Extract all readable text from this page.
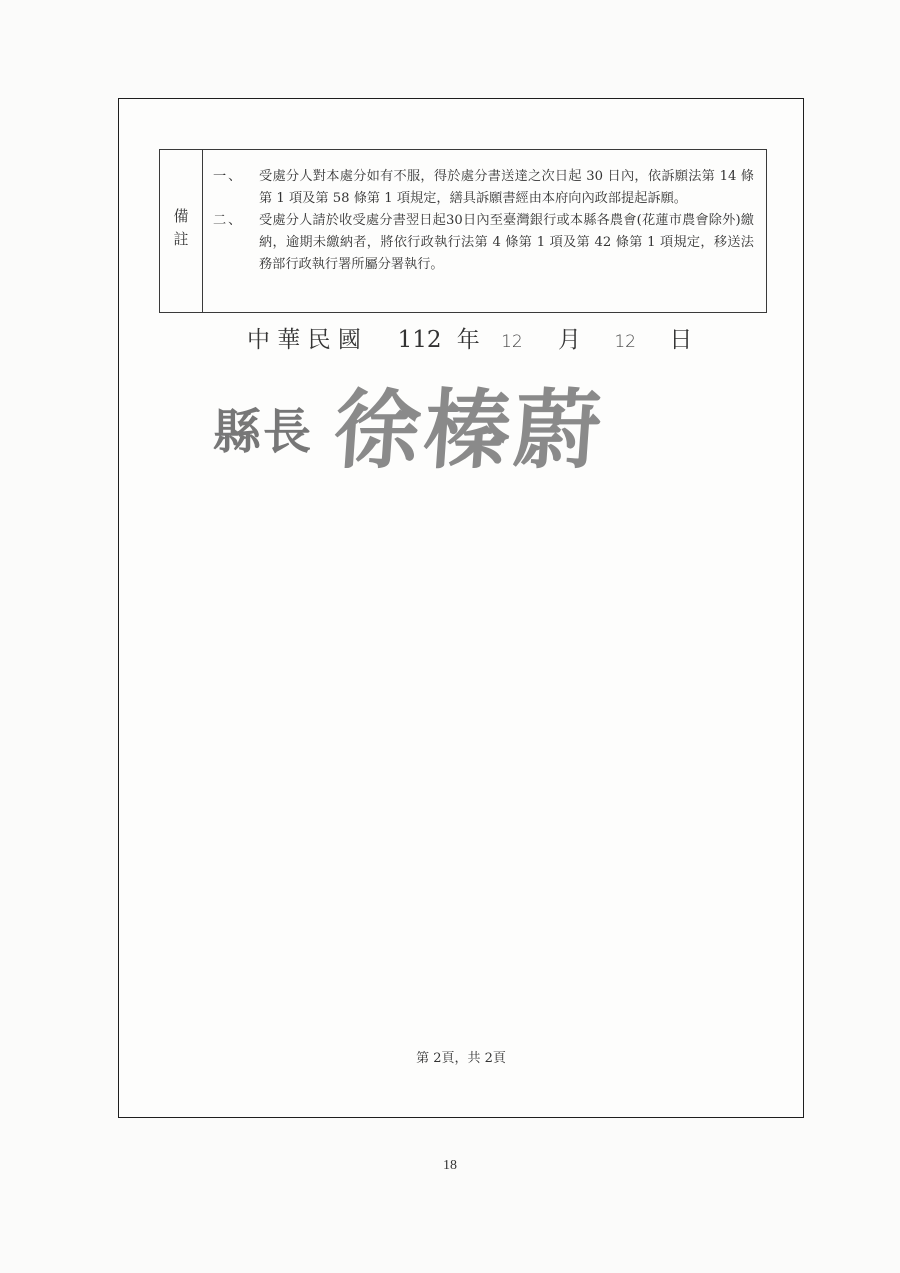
備註
一、	受處分人對本處分如有不服，得於處分書送達之次日起 30 日內，依訴願法第 14 條第 1 項及第 58 條第 1 項規定，繕具訴願書經由本府向內政部提起訴願。
二、	受處分人請於收受處分書翌日起30日內至臺灣銀行或本縣各農會(花蓮市農會除外)繳納，逾期未繳納者，將依行政執行法第 4 條第 1 項及第 42 條第 1 項規定，移送法務部行政執行署所屬分署執行。
中 華 民 國 112 年 12 月 12 日
縣長 徐榛蔚
第 2頁，共 2頁
18
